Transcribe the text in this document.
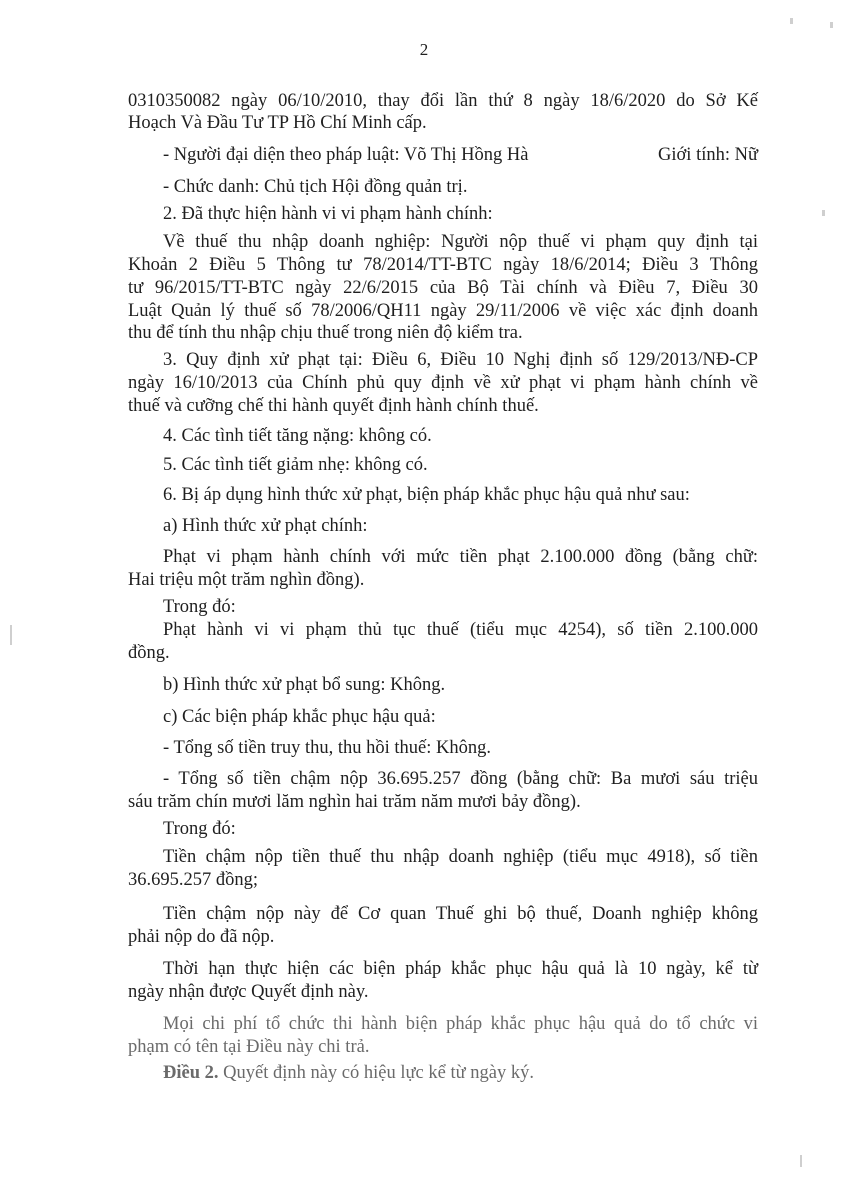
2
0310350082 ngày 06/10/2010, thay đổi lần thứ 8 ngày 18/6/2020 do Sở Kế
Hoạch Và Đầu Tư TP Hồ Chí Minh cấp.
- Người đại diện theo pháp luật: Võ Thị Hồng Hà	Giới tính: Nữ
- Chức danh: Chủ tịch Hội đồng quản trị.
2. Đã thực hiện hành vi vi phạm hành chính:
Về thuế thu nhập doanh nghiệp: Người nộp thuế vi phạm quy định tại
Khoản 2 Điều 5 Thông tư 78/2014/TT-BTC ngày 18/6/2014; Điều 3 Thông
tư 96/2015/TT-BTC ngày 22/6/2015 của Bộ Tài chính và Điều 7, Điều 30
Luật Quản lý thuế số 78/2006/QH11 ngày 29/11/2006 về việc xác định doanh
thu để tính thu nhập chịu thuế trong niên độ kiểm tra.
3. Quy định xử phạt tại: Điều 6, Điều 10 Nghị định số 129/2013/NĐ-CP
ngày 16/10/2013 của Chính phủ quy định về xử phạt vi phạm hành chính về
thuế và cưỡng chế thi hành quyết định hành chính thuế.
4. Các tình tiết tăng nặng: không có.
5. Các tình tiết giảm nhẹ: không có.
6. Bị áp dụng hình thức xử phạt, biện pháp khắc phục hậu quả như sau:
a) Hình thức xử phạt chính:
Phạt vi phạm hành chính với mức tiền phạt 2.100.000 đồng (bằng chữ:
Hai triệu một trăm nghìn đồng).
Trong đó:
Phạt hành vi vi phạm thủ tục thuế (tiểu mục 4254), số tiền 2.100.000
đồng.
b) Hình thức xử phạt bổ sung: Không.
c) Các biện pháp khắc phục hậu quả:
- Tổng số tiền truy thu, thu hồi thuế: Không.
- Tổng số tiền chậm nộp 36.695.257 đồng (bằng chữ: Ba mươi sáu triệu
sáu trăm chín mươi lăm nghìn hai trăm năm mươi bảy đồng).
Trong đó:
Tiền chậm nộp tiền thuế thu nhập doanh nghiệp (tiểu mục 4918), số tiền
36.695.257 đồng;
Tiền chậm nộp này để Cơ quan Thuế ghi bộ thuế, Doanh nghiệp không
phải nộp do đã nộp.
Thời hạn thực hiện các biện pháp khắc phục hậu quả là 10 ngày, kể từ
ngày nhận được Quyết định này.
Mọi chi phí tổ chức thi hành biện pháp khắc phục hậu quả do tổ chức vi
phạm có tên tại Điều này chi trả.
Điều 2. Quyết định này có hiệu lực kể từ ngày ký.
